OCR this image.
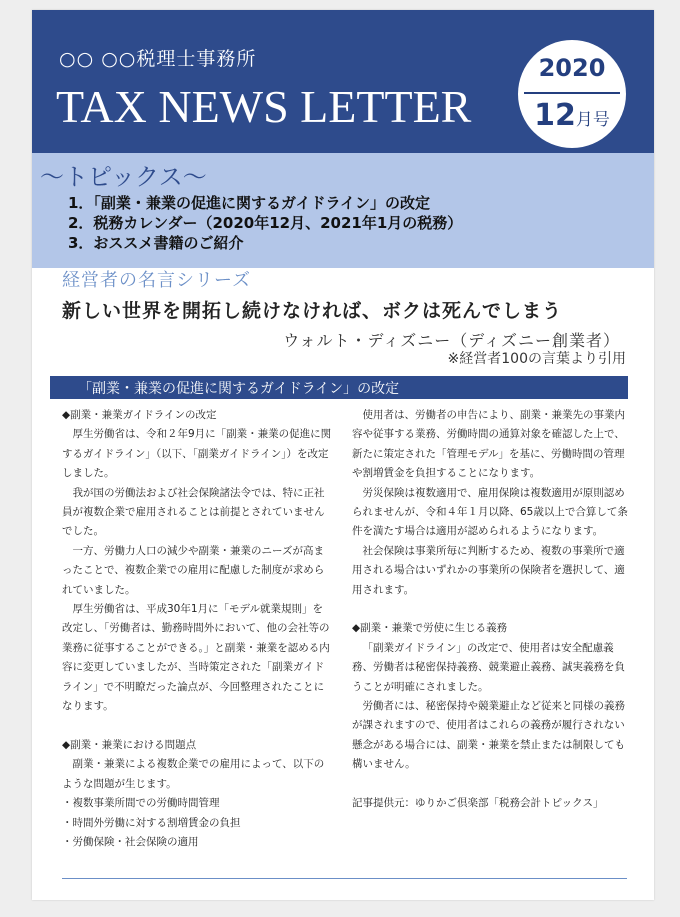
○○ ○○税理士事務所
TAX NEWS LETTER
2020
12月号
～トピックス～
1．「副業・兼業の促進に関するガイドライン」の改定
2．税務カレンダー（2020年12月、2021年1月の税務）
3．おススメ書籍のご紹介
経営者の名言シリーズ
新しい世界を開拓し続けなければ、ボクは死んでしまう
ウォルト・ディズニー（ディズニー創業者）
※経営者100の言葉より引用
「副業・兼業の促進に関するガイドライン」の改定

◆副業・兼業ガイドラインの改定

厚生労働省は、令和２年9月に「副業・兼業の促進に関するガイドライン」（以下、「副業ガイドライン」）を改定しました。

我が国の労働法および社会保険諸法令では、特に正社員が複数企業で雇用されることは前提とされていませんでした。

一方、労働力人口の減少や副業・兼業のニーズが高まったことで、複数企業での雇用に配慮した制度が求められていました。

厚生労働省は、平成30年1月に「モデル就業規則」を改定し、「労働者は、勤務時間外において、他の会社等の業務に従事することができる。」と副業・兼業を認める内容に変更していましたが、当時策定された「副業ガイドライン」で不明瞭だった論点が、今回整理されたことになります。

◆副業・兼業における問題点

副業・兼業による複数企業での雇用によって、以下のような問題が生じます。

・複数事業所間での労働時間管理

・時間外労働に対する割増賃金の負担

・労働保険・社会保険の適用

使用者は、労働者の申告により、副業・兼業先の事業内容や従事する業務、労働時間の通算対象を確認した上で、新たに策定された「管理モデル」を基に、労働時間の管理や割増賃金を負担することになります。

労災保険は複数適用で、雇用保険は複数適用が原則認められませんが、令和４年１月以降、65歳以上で合算して条件を満たす場合は適用が認められるようになります。

社会保険は事業所毎に判断するため、複数の事業所で適用される場合はいずれかの事業所の保険者を選択して、適用されます。

◆副業・兼業で労使に生じる義務

「副業ガイドライン」の改定で、使用者は安全配慮義務、労働者は秘密保持義務、競業避止義務、誠実義務を負うことが明確にされました。

労働者には、秘密保持や競業避止など従来と同様の義務が課されますので、使用者はこれらの義務が履行されない懸念がある場合には、副業・兼業を禁止または制限しても構いません。

記事提供元：ゆりかご倶楽部「税務会計トピックス」
